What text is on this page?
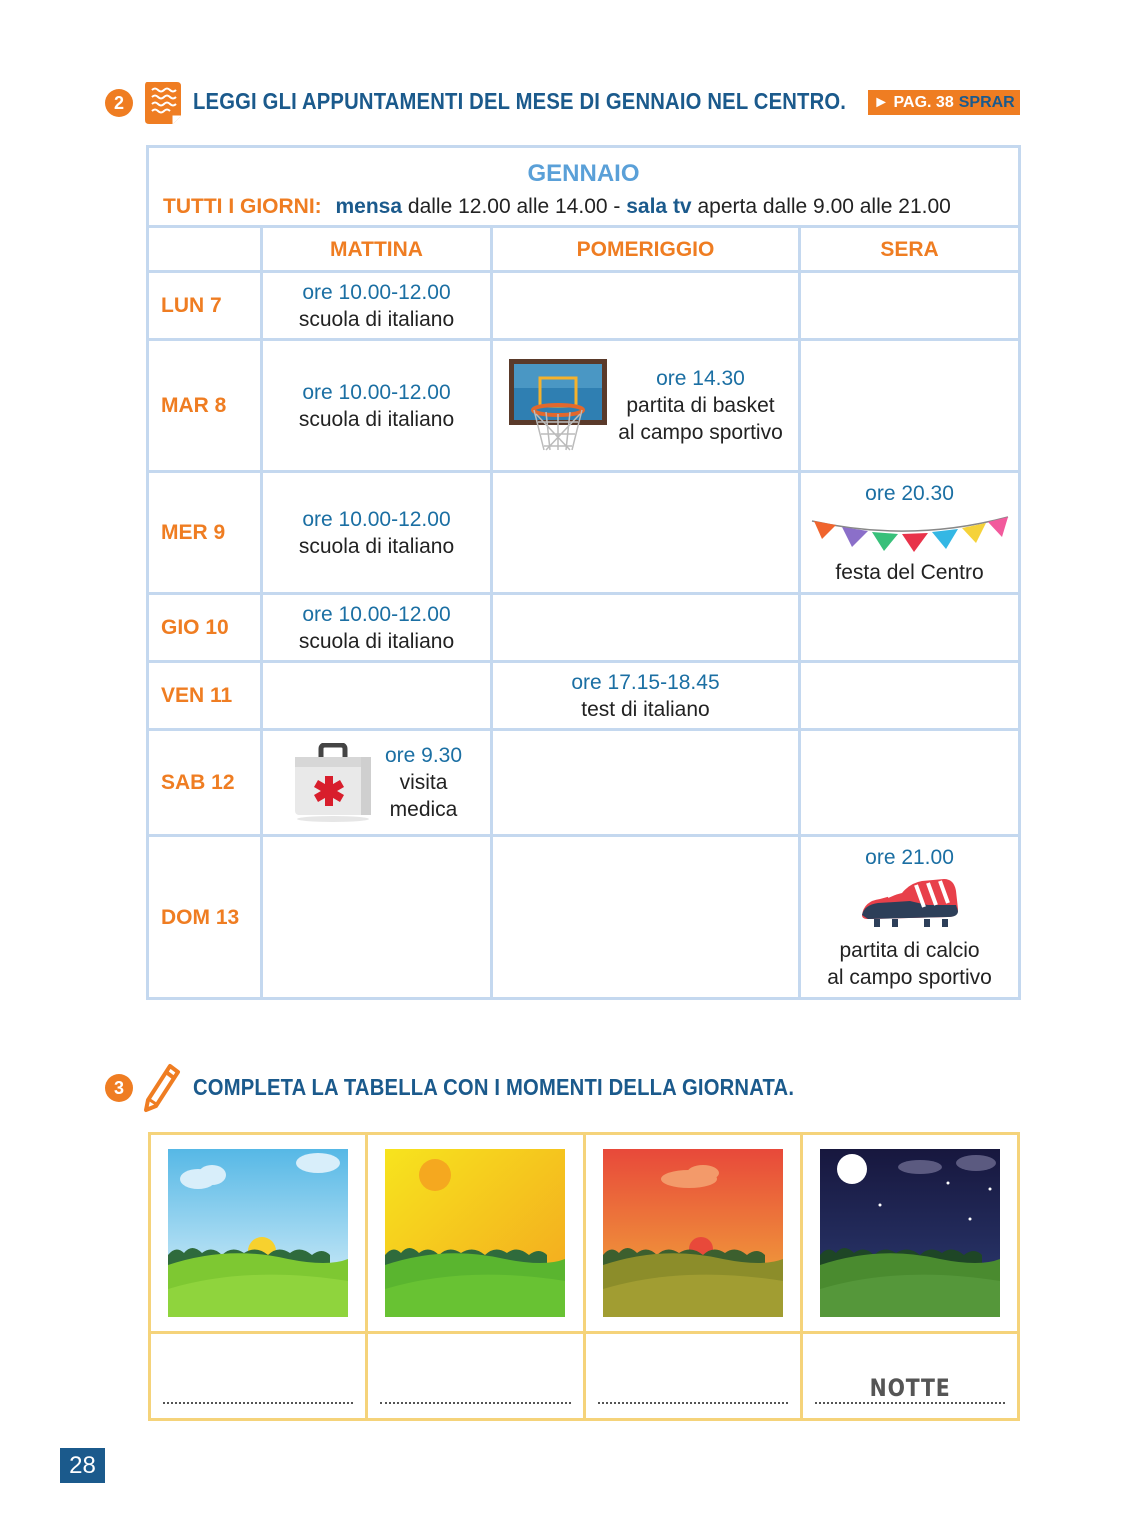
2	LEGGI GLI APPUNTAMENTI DEL MESE DI GENNAIO NEL CENTRO. ► PAG. 38 SPRAR
GENNAIO
TUTTI I GIORNI: mensa dalle 12.00 alle 14.00 - sala tv aperta dalle 9.00 alle 21.00			

	MATTINA	POMERIGGIO	SERA
LUN 7	ore 10.00-12.00
scuola di italiano		

MAR 8	ore 10.00-12.00
scuola di italiano	ore 14.30
partita di basket
al campo sportivo	

MER 9	ore 10.00-12.00
scuola di italiano		ore 20.30
festa del Centro

GIO 10	ore 10.00-12.00
scuola di italiano		

VEN 11		ore 17.15-18.45
test di italiano	

SAB 12	ore 9.30
visita
medica		

DOM 13			ore 21.00
partita di calcio
al campo sportivo
3	COMPLETA LA TABELLA CON I MOMENTI DELLA GIORNATA.

			NOTTE
28
